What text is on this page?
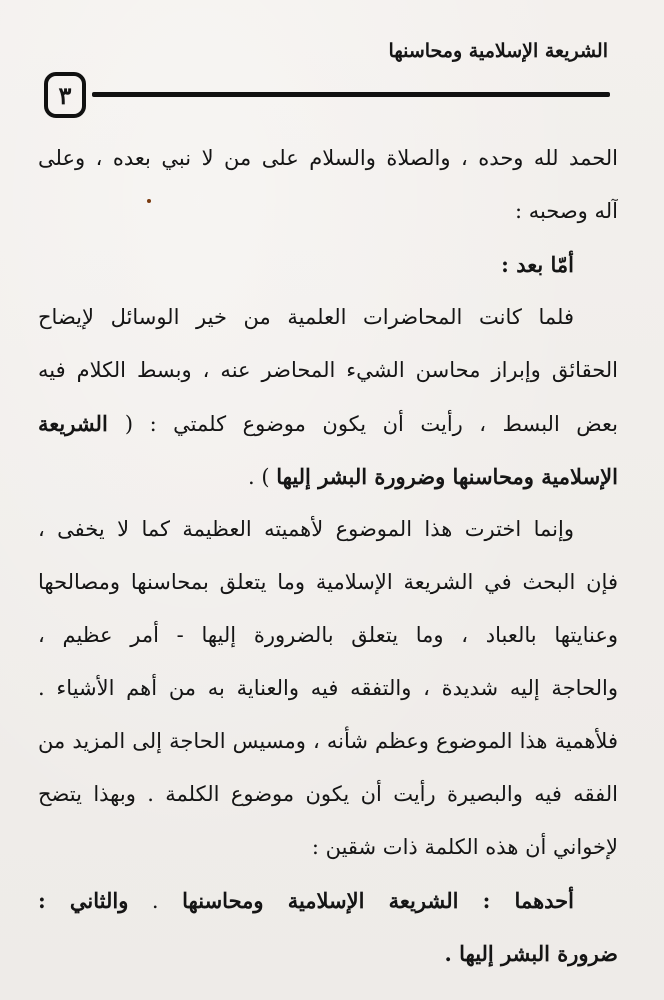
الشريعة الإسلامية ومحاسنها
٣
الحمد لله وحده ، والصلاة والسلام على من لا نبي بعده ، وعلى
آله وصحبه :
أمّا بعد :
فلما كانت المحاضرات العلمية من خير الوسائل لإيضاح
الحقائق وإبراز محاسن الشيء المحاضر عنه ، وبسط الكلام فيه
بعض البسط ، رأيت أن يكون موضوع كلمتي : ( الشريعة
الإسلامية ومحاسنها وضرورة البشر إليها ) .
وإنما اخترت هذا الموضوع لأهميته العظيمة كما لا يخفى ،
فإن البحث في الشريعة الإسلامية وما يتعلق بمحاسنها ومصالحها
وعنايتها بالعباد ، وما يتعلق بالضرورة إليها - أمر عظيم ،
والحاجة إليه شديدة ، والتفقه فيه والعناية به من أهم الأشياء .
فلأهمية هذا الموضوع وعظم شأنه ، ومسيس الحاجة إلى المزيد من
الفقه فيه والبصيرة رأيت أن يكون موضوع الكلمة . وبهذا يتضح
لإخواني أن هذه الكلمة ذات شقين :
أحدهما : الشريعة الإسلامية ومحاسنها . والثاني :
ضرورة البشر إليها .
